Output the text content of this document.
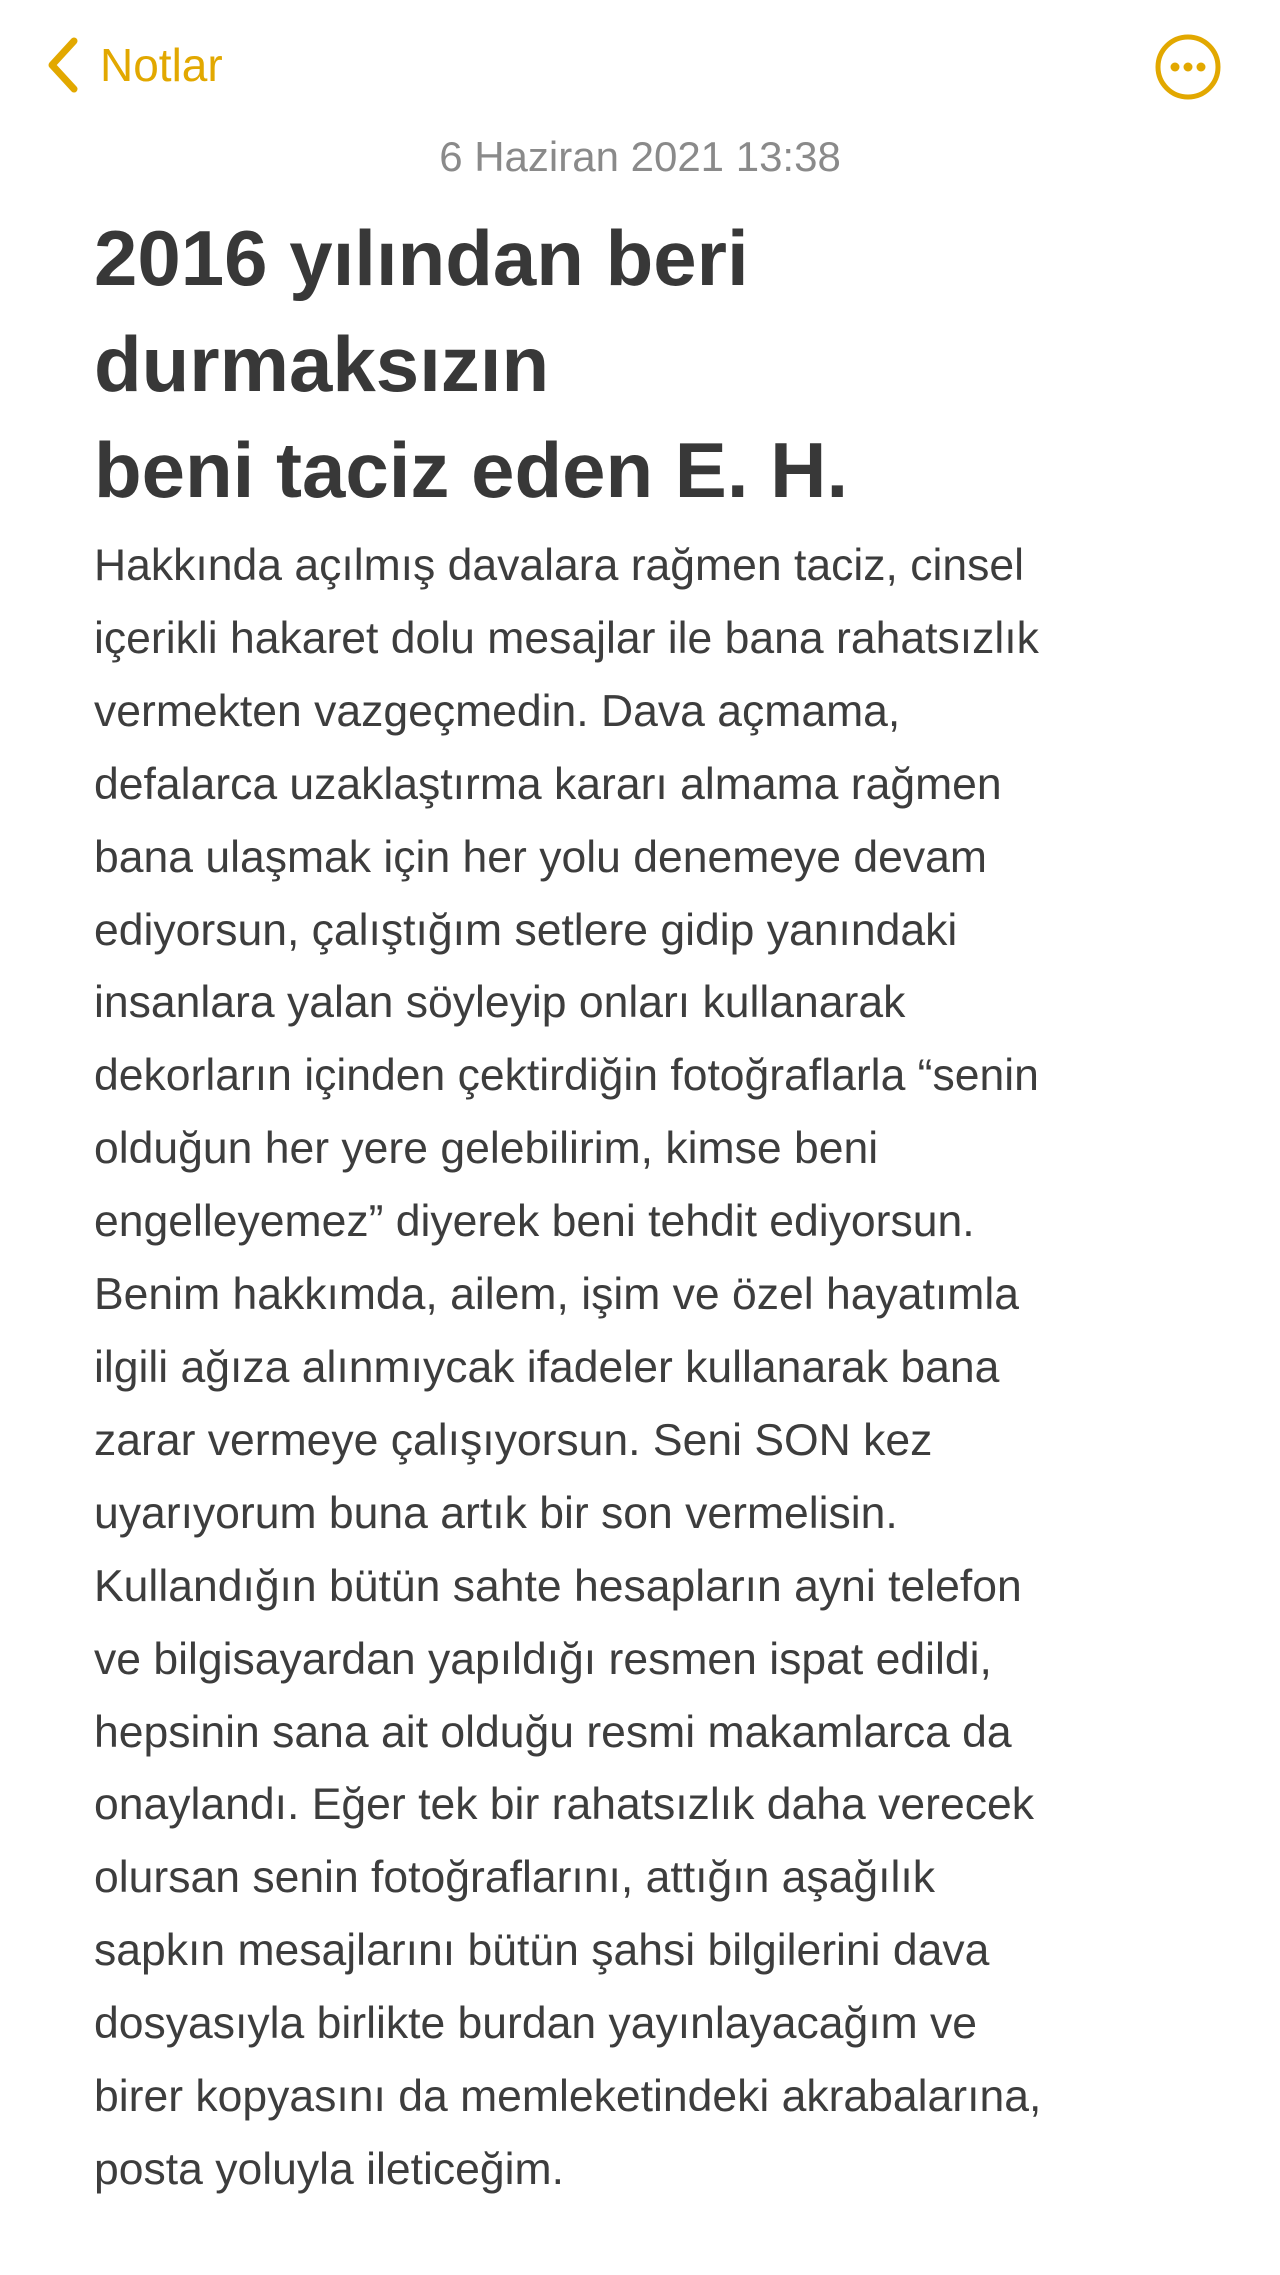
Notlar
6 Haziran 2021 13:38
2016 yılından beri
durmaksızın
beni taciz eden E. H.
Hakkında açılmış davalara rağmen taciz, cinsel
içerikli hakaret dolu mesajlar ile bana rahatsızlık
vermekten vazgeçmedin. Dava açmama,
defalarca uzaklaştırma kararı almama rağmen
bana ulaşmak için her yolu denemeye devam
ediyorsun, çalıştığım setlere gidip yanındaki
insanlara yalan söyleyip onları kullanarak
dekorların içinden çektirdiğin fotoğraflarla “senin
olduğun her yere gelebilirim, kimse beni
engelleyemez” diyerek beni tehdit ediyorsun.
Benim hakkımda, ailem, işim ve özel hayatımla
ilgili ağıza alınmıycak ifadeler kullanarak bana
zarar vermeye çalışıyorsun. Seni SON kez
uyarıyorum buna artık bir son vermelisin.
Kullandığın bütün sahte hesapların ayni telefon
ve bilgisayardan yapıldığı resmen ispat edildi,
hepsinin sana ait olduğu resmi makamlarca da
onaylandı. Eğer tek bir rahatsızlık daha verecek
olursan senin fotoğraflarını, attığın aşağılık
sapkın mesajlarını bütün şahsi bilgilerini dava
dosyasıyla birlikte burdan yayınlayacağım ve
birer kopyasını da memleketindeki akrabalarına,
posta yoluyla ileticeğim.
